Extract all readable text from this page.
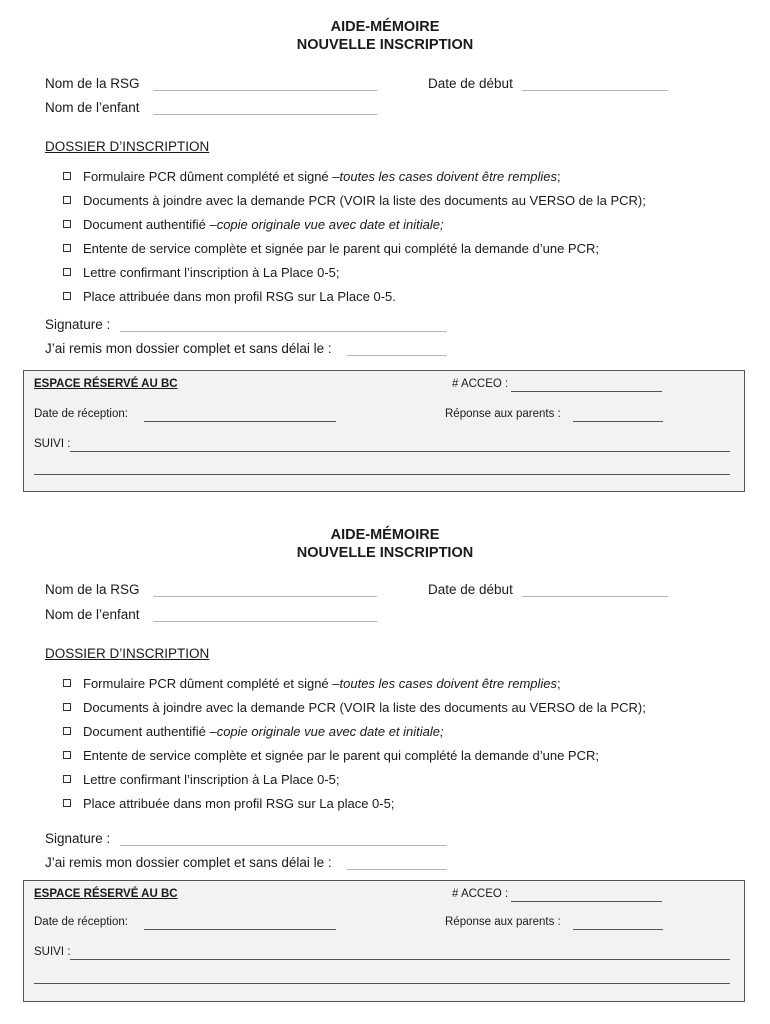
AIDE-MÉMOIRE
NOUVELLE INSCRIPTION
Nom de la RSG	Date de début
Nom de l’enfant
DOSSIER D’INSCRIPTION
Formulaire PCR dûment complété et signé – toutes les cases doivent être remplies ;
Documents à joindre avec la demande PCR (VOIR la liste des documents au VERSO de la PCR);
Document authentifié – copie originale vue avec date et initiale;
Entente de service complète et signée par le parent qui complété la demande d’une PCR;
Lettre confirmant l’inscription à La Place 0-5;
Place attribuée dans mon profil RSG sur La Place 0-5.
Signature :
J’ai remis mon dossier complet et sans délai le :
ESPACE RÉSERVÉ AU BC	# ACCEO :
Date de réception:	Réponse aux parents :
SUIVI :
AIDE-MÉMOIRE
NOUVELLE INSCRIPTION
Nom de la RSG	Date de début
Nom de l’enfant
DOSSIER D’INSCRIPTION
Formulaire PCR dûment complété et signé – toutes les cases doivent être remplies ;
Documents à joindre avec la demande PCR (VOIR la liste des documents au VERSO de la PCR);
Document authentifié – copie originale vue avec date et initiale;
Entente de service complète et signée par le parent qui complété la demande d’une PCR;
Lettre confirmant l’inscription à La Place 0-5;
Place attribuée dans mon profil RSG sur La place 0-5;
Signature :
J’ai remis mon dossier complet et sans délai le :
ESPACE RÉSERVÉ AU BC	# ACCEO :
Date de réception:	Réponse aux parents :
SUIVI :
